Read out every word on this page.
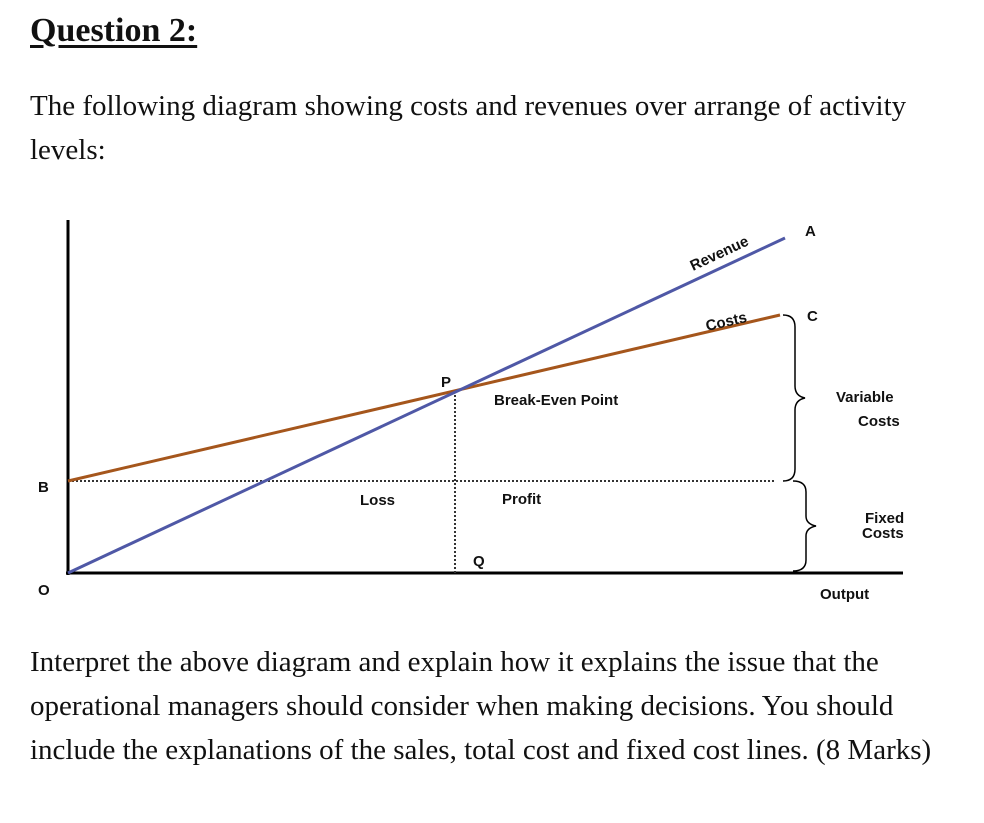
Question 2:
The following diagram showing costs and revenues over arrange of activity levels:
Revenue
Costs
A
C
P
B
O
Q
Break-Even Point	Variable
Costs
Loss	Profit
Fixed
Costs
Output
Interpret the above diagram and explain how it explains the issue that the operational managers should consider when making decisions. You should include the explanations of the sales, total cost and fixed cost lines. (8 Marks)
